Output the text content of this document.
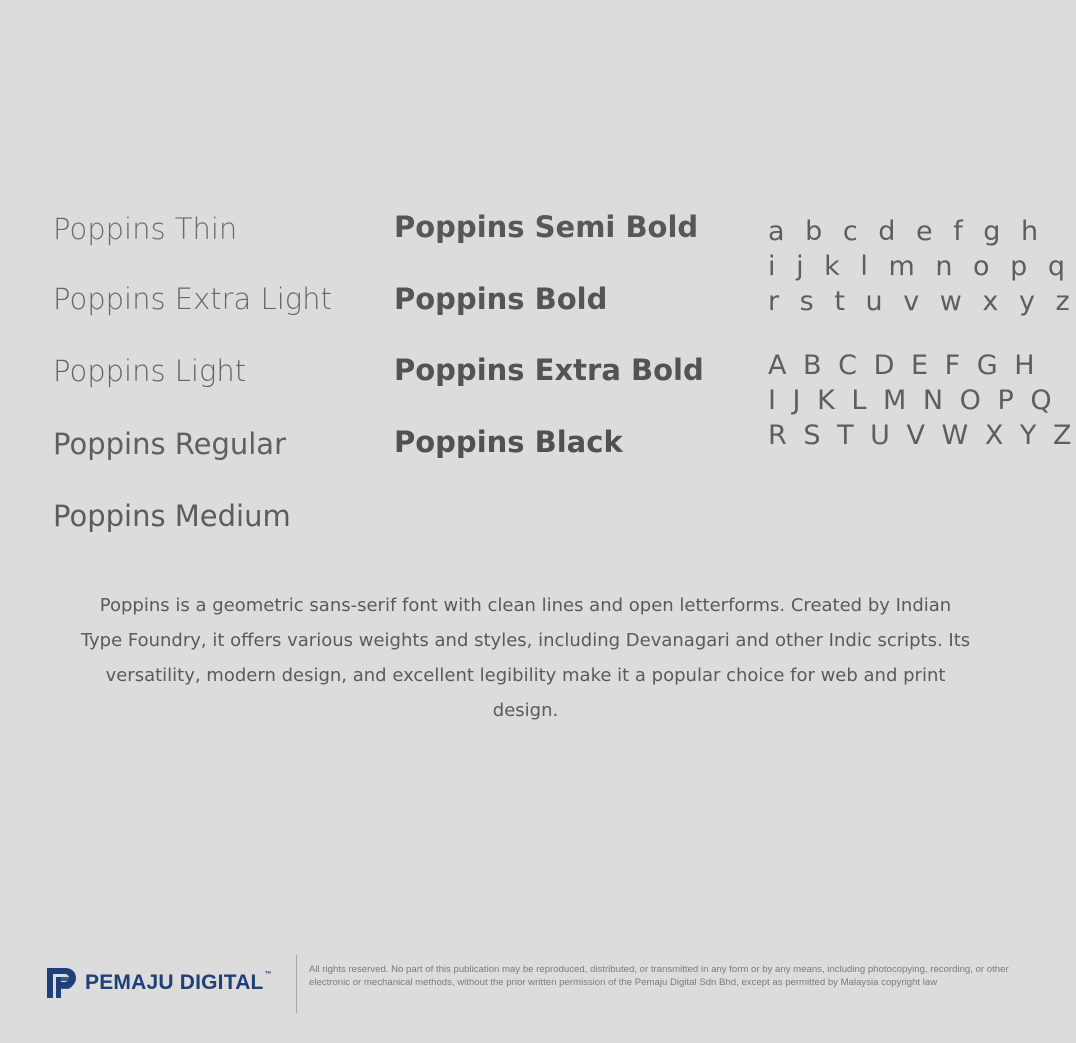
Poppins Thin
Poppins Extra Light
Poppins Light
Poppins Regular
Poppins Medium
Poppins Semi Bold
Poppins Bold
Poppins Extra Bold
Poppins Black
a b c d e f g h
i j k l m n o p q
r s t u v w x y z
A B C D E F G H
I J K L M N O P Q
R S T U V W X Y Z
Poppins is a geometric sans-serif font with clean lines and open letterforms. Created by Indian Type Foundry, it offers various weights and styles, including Devanagari and other Indic scripts. Its versatility, modern design, and excellent legibility make it a popular choice for web and print design.
PEMAJU DIGITAL™	All rights reserved. No part of this publication may be reproduced, distributed, or transmitted in any form or by any means, including photocopying, recording, or other electronic or mechanical methods, without the prior written permission of the Pemaju Digital Sdn Bhd, except as permitted by Malaysia copyright law
